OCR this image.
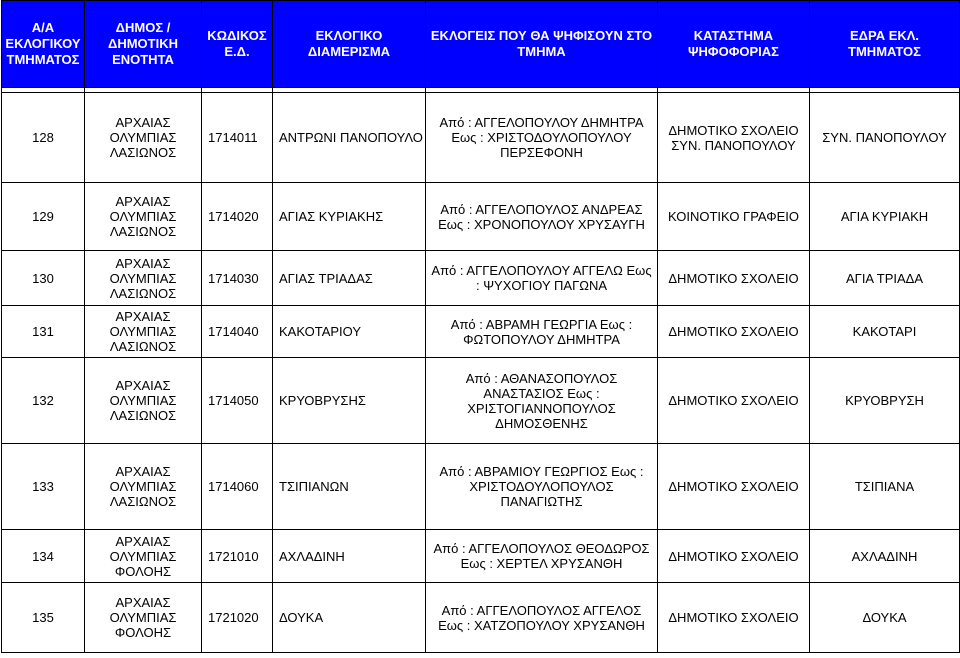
Α/Α ΕΚΛΟΓΙΚΟΥ ΤΜΗΜΑΤΟΣ	ΔΗΜΟΣ / ΔΗΜΟΤΙΚΗ ΕΝΟΤΗΤΑ	ΚΩΔΙΚΟΣ Ε.Δ.	ΕΚΛΟΓΙΚΟ ΔΙΑΜΕΡΙΣΜΑ	ΕΚΛΟΓΕΙΣ ΠΟΥ ΘΑ ΨΗΦΙΣΟΥΝ ΣΤΟ ΤΜΗΜΑ	ΚΑΤΑΣΤΗΜΑ ΨΗΦΟΦΟΡΙΑΣ	ΕΔΡΑ ΕΚΛ. ΤΜΗΜΑΤΟΣ

128	ΑΡΧΑΙΑΣ ΟΛΥΜΠΙΑΣ ΛΑΣΙΩΝΟΣ	1714011	ΑΝΤΡΩΝΙ ΠΑΝΟΠΟΥΛΟ	Από : ΑΓΓΕΛΟΠΟΥΛΟΥ ΔΗΜΗΤΡΑ Εως : ΧΡΙΣΤΟΔΟΥΛΟΠΟΥΛΟΥ ΠΕΡΣΕΦΟΝΗ	ΔΗΜΟΤΙΚΟ ΣΧΟΛΕΙΟ ΣΥΝ. ΠΑΝΟΠΟΥΛΟΥ	ΣΥΝ. ΠΑΝΟΠΟΥΛΟΥ
129	ΑΡΧΑΙΑΣ ΟΛΥΜΠΙΑΣ ΛΑΣΙΩΝΟΣ	1714020	ΑΓΙΑΣ ΚΥΡΙΑΚΗΣ	Από : ΑΓΓΕΛΟΠΟΥΛΟΣ ΑΝΔΡΕΑΣ Εως : ΧΡΟΝΟΠΟΥΛΟΥ ΧΡΥΣΑΥΓΗ	ΚΟΙΝΟΤΙΚΟ ΓΡΑΦΕΙΟ	ΑΓΙΑ ΚΥΡΙΑΚΗ
130	ΑΡΧΑΙΑΣ ΟΛΥΜΠΙΑΣ ΛΑΣΙΩΝΟΣ	1714030	ΑΓΙΑΣ ΤΡΙΑΔΑΣ	Από : ΑΓΓΕΛΟΠΟΥΛΟΥ ΑΓΓΕΛΩ Εως : ΨΥΧΟΓΙΟΥ ΠΑΓΩΝΑ	ΔΗΜΟΤΙΚΟ ΣΧΟΛΕΙΟ	ΑΓΙΑ ΤΡΙΑΔΑ
131	ΑΡΧΑΙΑΣ ΟΛΥΜΠΙΑΣ ΛΑΣΙΩΝΟΣ	1714040	ΚΑΚΟΤΑΡΙΟΥ	Από : ΑΒΡΑΜΗ ΓΕΩΡΓΙΑ Εως : ΦΩΤΟΠΟΥΛΟΥ ΔΗΜΗΤΡΑ	ΔΗΜΟΤΙΚΟ ΣΧΟΛΕΙΟ	ΚΑΚΟΤΑΡΙ
132	ΑΡΧΑΙΑΣ ΟΛΥΜΠΙΑΣ ΛΑΣΙΩΝΟΣ	1714050	ΚΡΥΟΒΡΥΣΗΣ	Από : ΑΘΑΝΑΣΟΠΟΥΛΟΣ ΑΝΑΣΤΑΣΙΟΣ Εως : ΧΡΙΣΤΟΓΙΑΝΝΟΠΟΥΛΟΣ ΔΗΜΟΣΘΕΝΗΣ	ΔΗΜΟΤΙΚΟ ΣΧΟΛΕΙΟ	ΚΡΥΟΒΡΥΣΗ
133	ΑΡΧΑΙΑΣ ΟΛΥΜΠΙΑΣ ΛΑΣΙΩΝΟΣ	1714060	ΤΣΙΠΙΑΝΩΝ	Από : ΑΒΡΑΜΙΟΥ ΓΕΩΡΓΙΟΣ Εως : ΧΡΙΣΤΟΔΟΥΛΟΠΟΥΛΟΣ ΠΑΝΑΓΙΩΤΗΣ	ΔΗΜΟΤΙΚΟ ΣΧΟΛΕΙΟ	ΤΣΙΠΙΑΝΑ
134	ΑΡΧΑΙΑΣ ΟΛΥΜΠΙΑΣ ΦΟΛΟΗΣ	1721010	ΑΧΛΑΔΙΝΗ	Από : ΑΓΓΕΛΟΠΟΥΛΟΣ ΘΕΟΔΩΡΟΣ Εως : ΧΕΡΤΕΛ ΧΡΥΣΑΝΘΗ	ΔΗΜΟΤΙΚΟ ΣΧΟΛΕΙΟ	ΑΧΛΑΔΙΝΗ
135	ΑΡΧΑΙΑΣ ΟΛΥΜΠΙΑΣ ΦΟΛΟΗΣ	1721020	ΔΟΥΚΑ	Από : ΑΓΓΕΛΟΠΟΥΛΟΣ ΑΓΓΕΛΟΣ Εως : ΧΑΤΖΟΠΟΥΛΟΥ ΧΡΥΣΑΝΘΗ	ΔΗΜΟΤΙΚΟ ΣΧΟΛΕΙΟ	ΔΟΥΚΑ
